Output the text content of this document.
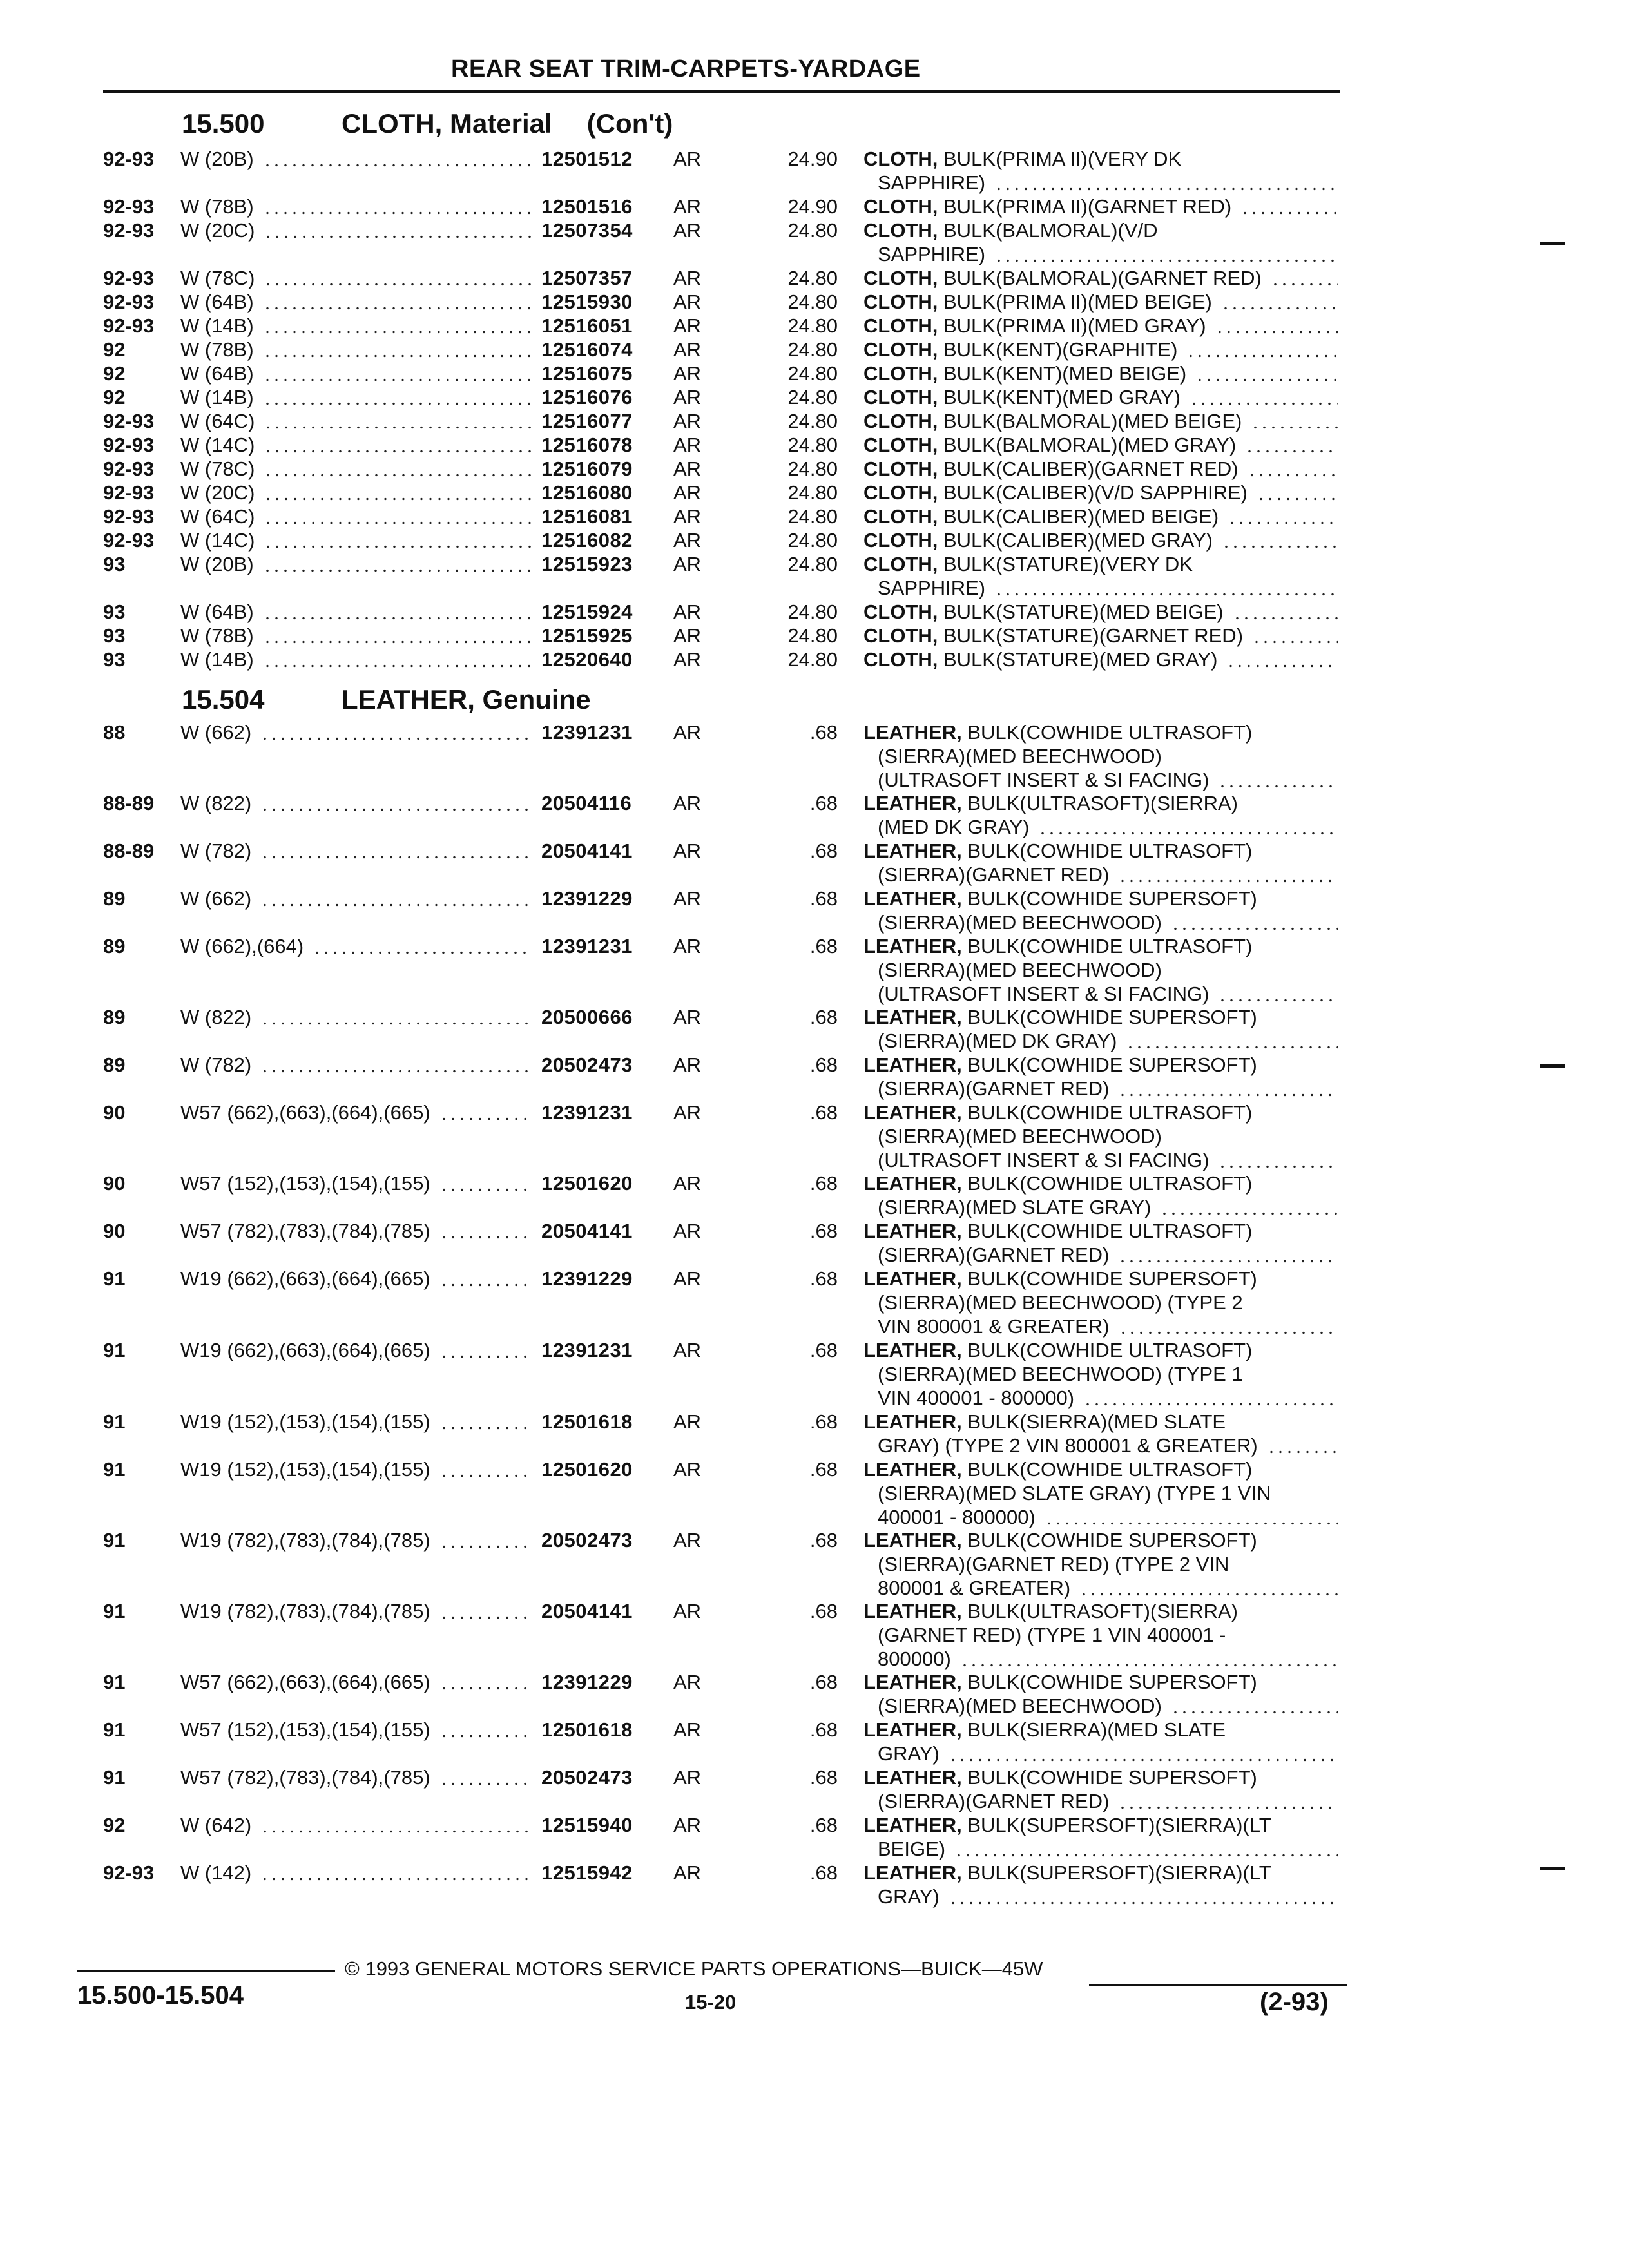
REAR SEAT TRIM-CARPETS-YARDAGE
15.500	CLOTH, Material (Con't)
15.504	LEATHER, Genuine
92-93 W (20B)	12501512 AR	24.90 CLOTH, BULK(PRIMA II)(VERY DK
SAPPHIRE)
92-93 W (78B)	12501516 AR	24.90 CLOTH, BULK(PRIMA II)(GARNET RED)
92-93 W (20C)	12507354 AR	24.80 CLOTH, BULK(BALMORAL)(V/D
SAPPHIRE)
92-93 W (78C)	12507357 AR	24.80 CLOTH, BULK(BALMORAL)(GARNET RED)
92-93 W (64B)	12515930 AR	24.80 CLOTH, BULK(PRIMA II)(MED BEIGE)
92-93 W (14B)	12516051 AR	24.80 CLOTH, BULK(PRIMA II)(MED GRAY)
92	W (78B)	12516074 AR	24.80 CLOTH, BULK(KENT)(GRAPHITE)
92	W (64B)	12516075 AR	24.80 CLOTH, BULK(KENT)(MED BEIGE)
92	W (14B)	12516076 AR	24.80 CLOTH, BULK(KENT)(MED GRAY)
92-93 W (64C)	12516077 AR	24.80 CLOTH, BULK(BALMORAL)(MED BEIGE)
92-93 W (14C)	12516078 AR	24.80 CLOTH, BULK(BALMORAL)(MED GRAY)
92-93 W (78C)	12516079 AR	24.80 CLOTH, BULK(CALIBER)(GARNET RED)
92-93 W (20C)	12516080 AR	24.80 CLOTH, BULK(CALIBER)(V/D SAPPHIRE)
92-93 W (64C)	12516081 AR	24.80 CLOTH, BULK(CALIBER)(MED BEIGE)
92-93 W (14C)	12516082 AR	24.80 CLOTH, BULK(CALIBER)(MED GRAY)
93	W (20B)	12515923 AR	24.80 CLOTH, BULK(STATURE)(VERY DK
SAPPHIRE)
93	W (64B)	12515924 AR	24.80 CLOTH, BULK(STATURE)(MED BEIGE)
93	W (78B)	12515925 AR	24.80 CLOTH, BULK(STATURE)(GARNET RED)
93	W (14B)	12520640 AR	24.80 CLOTH, BULK(STATURE)(MED GRAY)
88	W (662)	12391231 AR	.68 LEATHER, BULK(COWHIDE ULTRASOFT)
(SIERRA)(MED BEECHWOOD)
(ULTRASOFT INSERT & SI FACING)
88-89 W (822)	20504116 AR	.68 LEATHER, BULK(ULTRASOFT)(SIERRA)
(MED DK GRAY)
88-89 W (782)	20504141 AR	.68 LEATHER, BULK(COWHIDE ULTRASOFT)
(SIERRA)(GARNET RED)
89	W (662)	12391229 AR	.68 LEATHER, BULK(COWHIDE SUPERSOFT)
(SIERRA)(MED BEECHWOOD)
89	W (662),(664)	12391231 AR	.68 LEATHER, BULK(COWHIDE ULTRASOFT)
(SIERRA)(MED BEECHWOOD)
(ULTRASOFT INSERT & SI FACING)
89	W (822)	20500666 AR	.68 LEATHER, BULK(COWHIDE SUPERSOFT)
(SIERRA)(MED DK GRAY)
89	W (782)	20502473 AR	.68 LEATHER, BULK(COWHIDE SUPERSOFT)
(SIERRA)(GARNET RED)
90	W57 (662),(663),(664),(665)	12391231 AR	.68 LEATHER, BULK(COWHIDE ULTRASOFT)
(SIERRA)(MED BEECHWOOD)
(ULTRASOFT INSERT & SI FACING)
90	W57 (152),(153),(154),(155)	12501620 AR	.68 LEATHER, BULK(COWHIDE ULTRASOFT)
(SIERRA)(MED SLATE GRAY)
90	W57 (782),(783),(784),(785)	20504141 AR	.68 LEATHER, BULK(COWHIDE ULTRASOFT)
(SIERRA)(GARNET RED)
91	W19 (662),(663),(664),(665)	12391229 AR	.68 LEATHER, BULK(COWHIDE SUPERSOFT)
(SIERRA)(MED BEECHWOOD) (TYPE 2
VIN 800001 & GREATER)
91	W19 (662),(663),(664),(665)	12391231 AR	.68 LEATHER, BULK(COWHIDE ULTRASOFT)
(SIERRA)(MED BEECHWOOD) (TYPE 1
VIN 400001 - 800000)
91	W19 (152),(153),(154),(155)	12501618 AR	.68 LEATHER, BULK(SIERRA)(MED SLATE
GRAY) (TYPE 2 VIN 800001 & GREATER)
91	W19 (152),(153),(154),(155)	12501620 AR	.68 LEATHER, BULK(COWHIDE ULTRASOFT)
(SIERRA)(MED SLATE GRAY) (TYPE 1 VIN
400001 - 800000)
91	W19 (782),(783),(784),(785)	20502473 AR	.68 LEATHER, BULK(COWHIDE SUPERSOFT)
(SIERRA)(GARNET RED) (TYPE 2 VIN
800001 & GREATER)
91	W19 (782),(783),(784),(785)	20504141 AR	.68 LEATHER, BULK(ULTRASOFT)(SIERRA)
(GARNET RED) (TYPE 1 VIN 400001 -
800000)
91	W57 (662),(663),(664),(665)	12391229 AR	.68 LEATHER, BULK(COWHIDE SUPERSOFT)
(SIERRA)(MED BEECHWOOD)
91	W57 (152),(153),(154),(155)	12501618 AR	.68 LEATHER, BULK(SIERRA)(MED SLATE
GRAY)
91	W57 (782),(783),(784),(785)	20502473 AR	.68 LEATHER, BULK(COWHIDE SUPERSOFT)
(SIERRA)(GARNET RED)
92	W (642)	12515940 AR	.68 LEATHER, BULK(SUPERSOFT)(SIERRA)(LT
BEIGE)
92-93 W (142)	12515942 AR	.68 LEATHER, BULK(SUPERSOFT)(SIERRA)(LT
GRAY)
© 1993 GENERAL MOTORS SERVICE PARTS OPERATIONS—BUICK—45W
15.500-15.504	15-20	(2-93)
